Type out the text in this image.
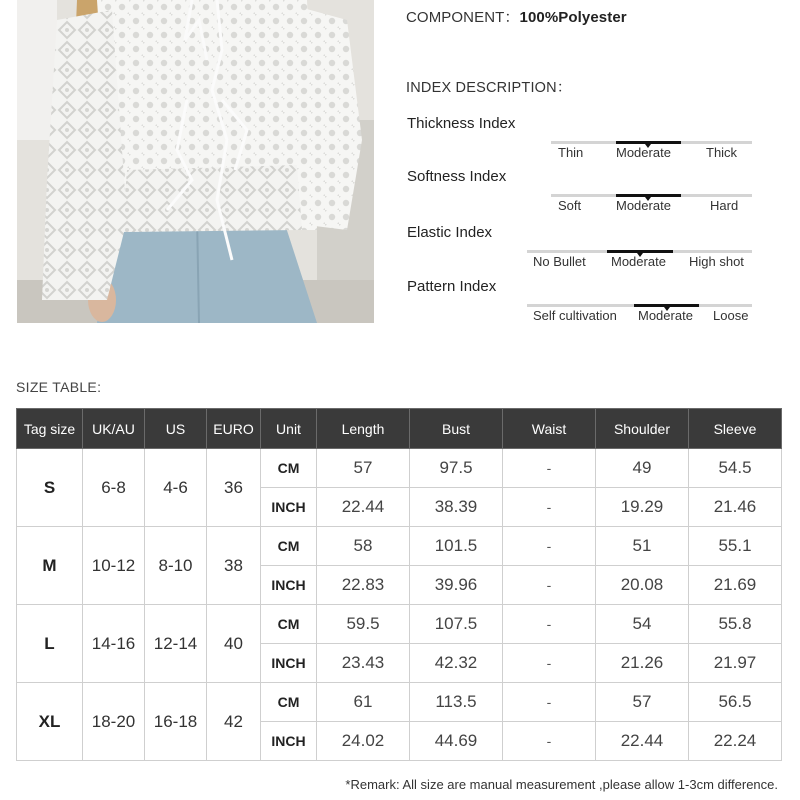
COMPONENT：100%Polyester
INDEX DESCRIPTION：
Thickness Index
Thin	Moderate	Thick
Softness Index
Soft	Moderate	Hard
Elastic Index
No Bullet Moderate High shot
Pattern Index
Self cultivation Moderate Loose
SIZE TABLE:
Tag size	UK/AU	US	EURO	Unit	Length	Bust	Waist	Shoulder	Sleeve
S	6-8	4-6	36	CM	57	97.5	-	49	54.5
				INCH	22.44	38.39	-	19.29	21.46
M	10-12	8-10	38	CM	58	101.5	-	51	55.1
				INCH	22.83	39.96	-	20.08	21.69
L	14-16	12-14	40	CM	59.5	107.5	-	54	55.8
				INCH	23.43	42.32	-	21.26	21.97
XL	18-20	16-18	42	CM	61	113.5	-	57	56.5
				INCH	24.02	44.69	-	22.44	22.24
*Remark: All size are manual measurement ,please allow 1-3cm difference.
